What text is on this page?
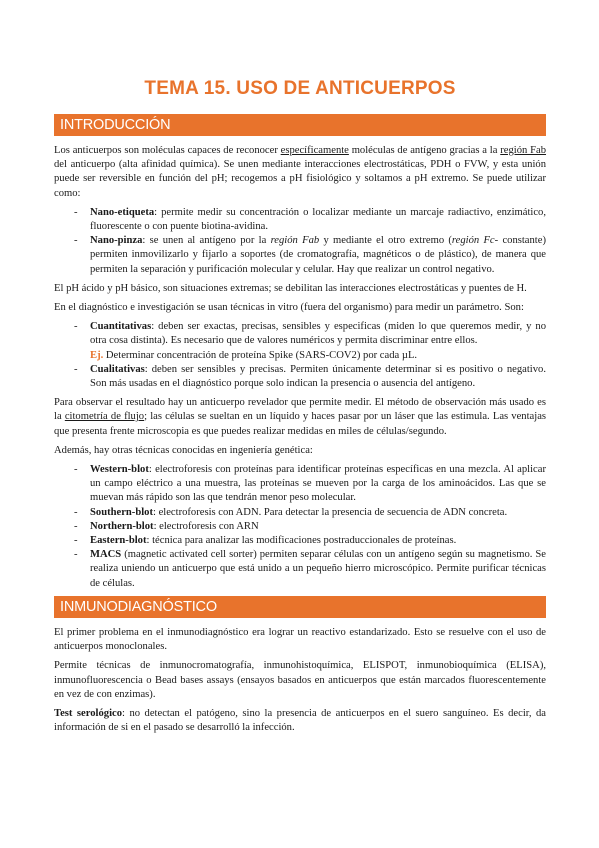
TEMA 15. USO DE ANTICUERPOS
INTRODUCCIÓN

Los anticuerpos son moléculas capaces de reconocer específicamente moléculas de antígeno gracias a la región Fab del anticuerpo (alta afinidad química). Se unen mediante interacciones electrostáticas, PDH o FVW, y esta unión puede ser reversible en función del pH; recogemos a pH fisiológico y soltamos a pH extremo. Se puede utilizar como:

- Nano-etiqueta: permite medir su concentración o localizar mediante un marcaje radiactivo, enzimático, fluorescente o con puente biotina-avidina.
- Nano-pinza: se unen al antígeno por la región Fab y mediante el otro extremo (región Fc- constante) permiten inmovilizarlo y fijarlo a soportes (de cromatografía, magnéticos o de plástico), de manera que permiten la separación y purificación molecular y celular. Hay que realizar un control negativo.

El pH ácido y pH básico, son situaciones extremas; se debilitan las interacciones electrostáticas y puentes de H.

En el diagnóstico e investigación se usan técnicas in vitro (fuera del organismo) para medir un parámetro. Son:

- Cuantitativas: deben ser exactas, precisas, sensibles y especificas (miden lo que queremos medir, y no otra cosa distinta). Es necesario que de valores numéricos y permita discriminar entre ellos.
Ej. Determinar concentración de proteína Spike (SARS-COV2) por cada µL.
- Cualitativas: deben ser sensibles y precisas. Permiten únicamente determinar si es positivo o negativo. Son más usadas en el diagnóstico porque solo indican la presencia o ausencia del antígeno.

Para observar el resultado hay un anticuerpo revelador que permite medir. El método de observación más usado es la citometría de flujo; las células se sueltan en un líquido y haces pasar por un láser que las estimula. Las ventajas que presenta frente microscopia es que puedes realizar medidas en miles de células/segundo.

Además, hay otras técnicas conocidas en ingeniería genética:

- Western-blot: electroforesis con proteínas para identificar proteínas específicas en una mezcla. Al aplicar un campo eléctrico a una muestra, las proteínas se mueven por la carga de los aminoácidos. Las que se muevan más rápido son las que tendrán menor peso molecular.
- Southern-blot: electroforesis con ADN. Para detectar la presencia de secuencia de ADN concreta.
- Northern-blot: electroforesis con ARN
- Eastern-blot: técnica para analizar las modificaciones postraduccionales de proteínas.
- MACS (magnetic activated cell sorter) permiten separar células con un antígeno según su magnetismo. Se realiza uniendo un anticuerpo que está unido a un pequeño hierro microscópico. Permite purificar técnicas de células.
INMUNODIAGNÓSTICO

El primer problema en el inmunodiagnóstico era lograr un reactivo estandarizado. Esto se resuelve con el uso de anticuerpos monoclonales.

Permite técnicas de inmunocromatografía, inmunohistoquímica, ELISPOT, inmunobioquímica (ELISA), inmunofluorescencia o Bead bases assays (ensayos basados en anticuerpos que están marcados fluorescentemente en vez de con enzimas).

Test serológico: no detectan el patógeno, sino la presencia de anticuerpos en el suero sanguíneo. Es decir, da información de si en el pasado se desarrolló la infección.
